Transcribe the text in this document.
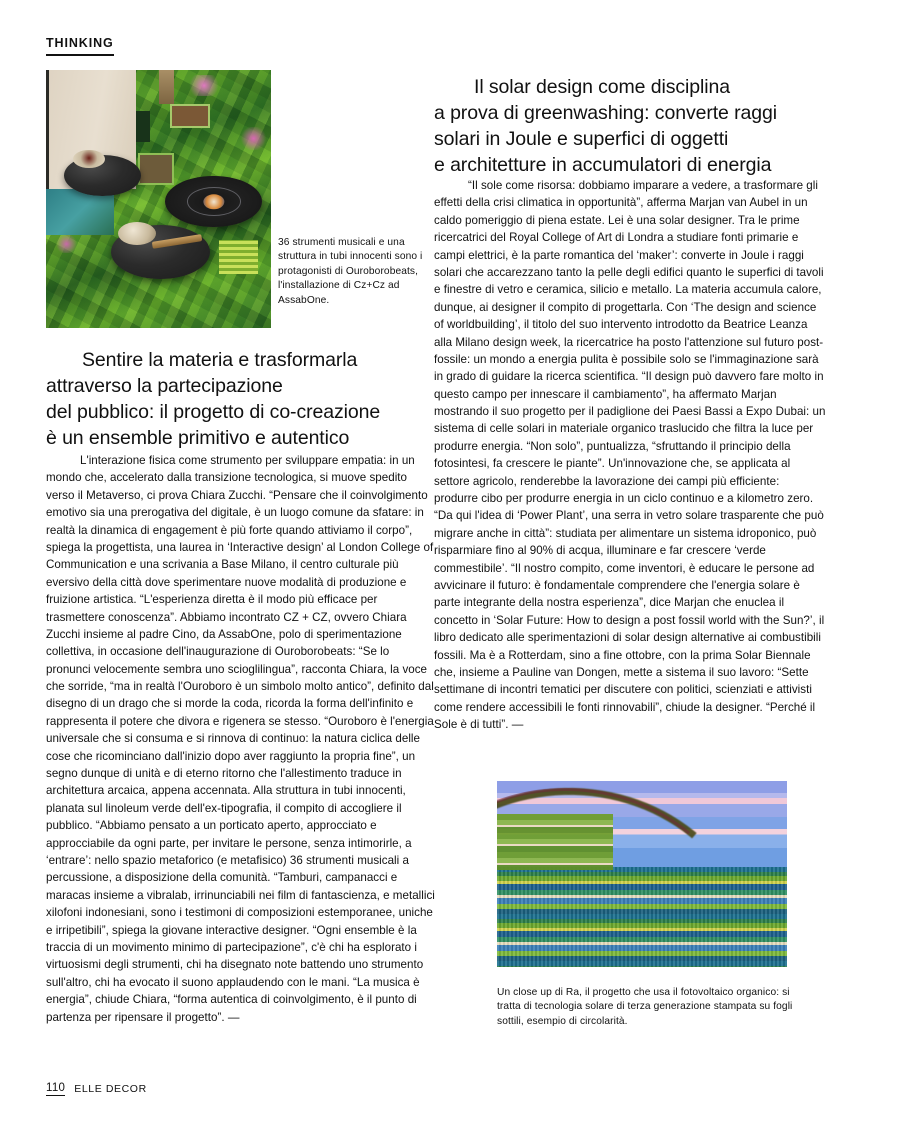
THINKING
36 strumenti musicali e una struttura in tubi innocenti sono i protagonisti di Ouroborobeats, l'installazione di Cz+Cz ad AssabOne.
Sentire la materia e trasformarla
attraverso la partecipazione
del pubblico: il progetto di co-creazione
è un ensemble primitivo e autentico

L'interazione fisica come strumento per sviluppare empatia: in un mondo che, accelerato dalla transizione tecnologica, si muove spedito verso il Metaverso, ci prova Chiara Zucchi. “Pensare che il coinvolgimento emotivo sia una prerogativa del digitale, è un luogo comune da sfatare: in realtà la dinamica di engagement è più forte quando attiviamo il corpo”, spiega la progettista, una laurea in ‘Interactive design’ al London College of Communication e una scrivania a Base Milano, il centro culturale più eversivo della città dove sperimentare nuove modalità di produzione e fruizione artistica. “L'esperienza diretta è il modo più efficace per trasmettere conoscenza”. Abbiamo incontrato CZ + CZ, ovvero Chiara Zucchi insieme al padre Cino, da AssabOne, polo di sperimentazione collettiva, in occasione dell'inaugurazione di Ouroborobeats: “Se lo pronunci velocemente sembra uno scioglilingua”, racconta Chiara, la voce che sorride, “ma in realtà l'Ouroboro è un simbolo molto antico”, definito dal disegno di un drago che si morde la coda, ricorda la forma dell'infinito e rappresenta il potere che divora e rigenera se stesso. “Ouroboro è l'energia universale che si consuma e si rinnova di continuo: la natura ciclica delle cose che ricominciano dall'inizio dopo aver raggiunto la propria fine”, un segno dunque di unità e di eterno ritorno che l'allestimento traduce in architettura arcaica, appena accennata. Alla struttura in tubi innocenti, planata sul linoleum verde dell'ex-tipografia, il compito di accogliere il pubblico. “Abbiamo pensato a un porticato aperto, approcciato e approcciabile da ogni parte, per invitare le persone, senza intimorirle, a ‘entrare’: nello spazio metaforico (e metafisico) 36 strumenti musicali a percussione, a disposizione della comunità. “Tamburi, campanacci e maracas insieme a vibralab, irrinunciabili nei film di fantascienza, e metallici xilofoni indonesiani, sono i testimoni di composizioni estemporanee, uniche e irripetibili”, spiega la giovane interactive designer. “Ogni ensemble è la traccia di un movimento minimo di partecipazione”, c'è chi ha esplorato i virtuosismi degli strumenti, chi ha disegnato note battendo uno strumento sull'altro, chi ha evocato il suono applaudendo con le mani. “La musica è energia”, chiude Chiara, “forma autentica di coinvolgimento, è il punto di partenza per ripensare il progetto”. —

Il solar design come disciplina
a prova di greenwashing: converte raggi
solari in Joule e superfici di oggetti
e architetture in accumulatori di energia

“Il sole come risorsa: dobbiamo imparare a vedere, a trasformare gli effetti della crisi climatica in opportunità”, afferma Marjan van Aubel in un caldo pomeriggio di piena estate. Lei è una solar designer. Tra le prime ricercatrici del Royal College of Art di Londra a studiare fonti primarie e campi elettrici, è la parte romantica del ‘maker’: converte in Joule i raggi solari che accarezzano tanto la pelle degli edifici quanto le superfici di tavoli e finestre di vetro e ceramica, silicio e metallo. La materia accumula calore, dunque, ai designer il compito di progettarla. Con ‘The design and science of worldbuilding’, il titolo del suo intervento introdotto da Beatrice Leanza alla Milano design week, la ricercatrice ha posto l'attenzione sul futuro post-fossile: un mondo a energia pulita è possibile solo se l'immaginazione sarà in grado di guidare la ricerca scientifica. “Il design può davvero fare molto in questo campo per innescare il cambiamento”, ha affermato Marjan mostrando il suo progetto per il padiglione dei Paesi Bassi a Expo Dubai: un sistema di celle solari in materiale organico traslucido che filtra la luce per produrre energia. “Non solo”, puntualizza, “sfruttando il principio della fotosintesi, fa crescere le piante”. Un'innovazione che, se applicata al settore agricolo, renderebbe la lavorazione dei campi più efficiente: produrre cibo per produrre energia in un ciclo continuo e a kilometro zero. “Da qui l'idea di ‘Power Plant’, una serra in vetro solare trasparente che può migrare anche in città”: studiata per alimentare un sistema idroponico, può risparmiare fino al 90% di acqua, illuminare e far crescere ‘verde commestibile’. “Il nostro compito, come inventori, è educare le persone ad avvicinare il futuro: è fondamentale comprendere che l'energia solare è parte integrante della nostra esperienza”, dice Marjan che enuclea il concetto in ‘Solar Future: How to design a post fossil world with the Sun?’, il libro dedicato alle sperimentazioni di solar design alternative ai combustibili fossili. Ma è a Rotterdam, sino a fine ottobre, con la prima Solar Biennale che, insieme a Pauline van Dongen, mette a sistema il suo lavoro: “Sette settimane di incontri tematici per discutere con politici, scienziati e attivisti come rendere accessibili le fonti rinnovabili”, chiude la designer. “Perché il Sole è di tutti”. —

Un close up di Ra, il progetto che usa il fotovoltaico organico: si tratta di tecnologia solare di terza generazione stampata su fogli sottili, esempio di circolarità.
110 ELLE DECOR
